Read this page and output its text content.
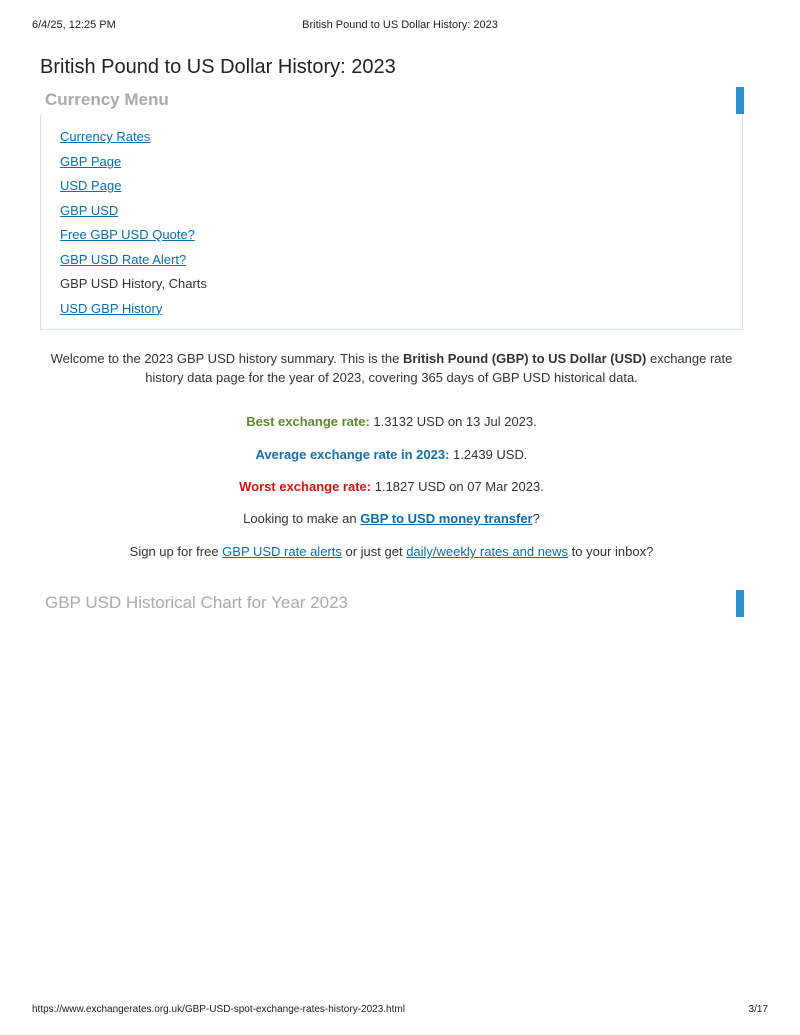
6/4/25, 12:25 PM	British Pound to US Dollar History: 2023
British Pound to US Dollar History: 2023
Currency Menu
Currency Rates
GBP Page
USD Page
GBP USD
Free GBP USD Quote?
GBP USD Rate Alert?
GBP USD History, Charts
USD GBP History

Welcome to the 2023 GBP USD history summary. This is the British Pound (GBP) to US Dollar (USD) exchange rate history data page for the year of 2023, covering 365 days of GBP USD historical data.

Best exchange rate: 1.3132 USD on 13 Jul 2023.

Average exchange rate in 2023: 1.2439 USD.

Worst exchange rate: 1.1827 USD on 07 Mar 2023.

Looking to make an GBP to USD money transfer?

Sign up for free GBP USD rate alerts or just get daily/weekly rates and news to your inbox?

GBP USD Historical Chart for Year 2023
https://www.exchangerates.org.uk/GBP-USD-spot-exchange-rates-history-2023.html	3/17
